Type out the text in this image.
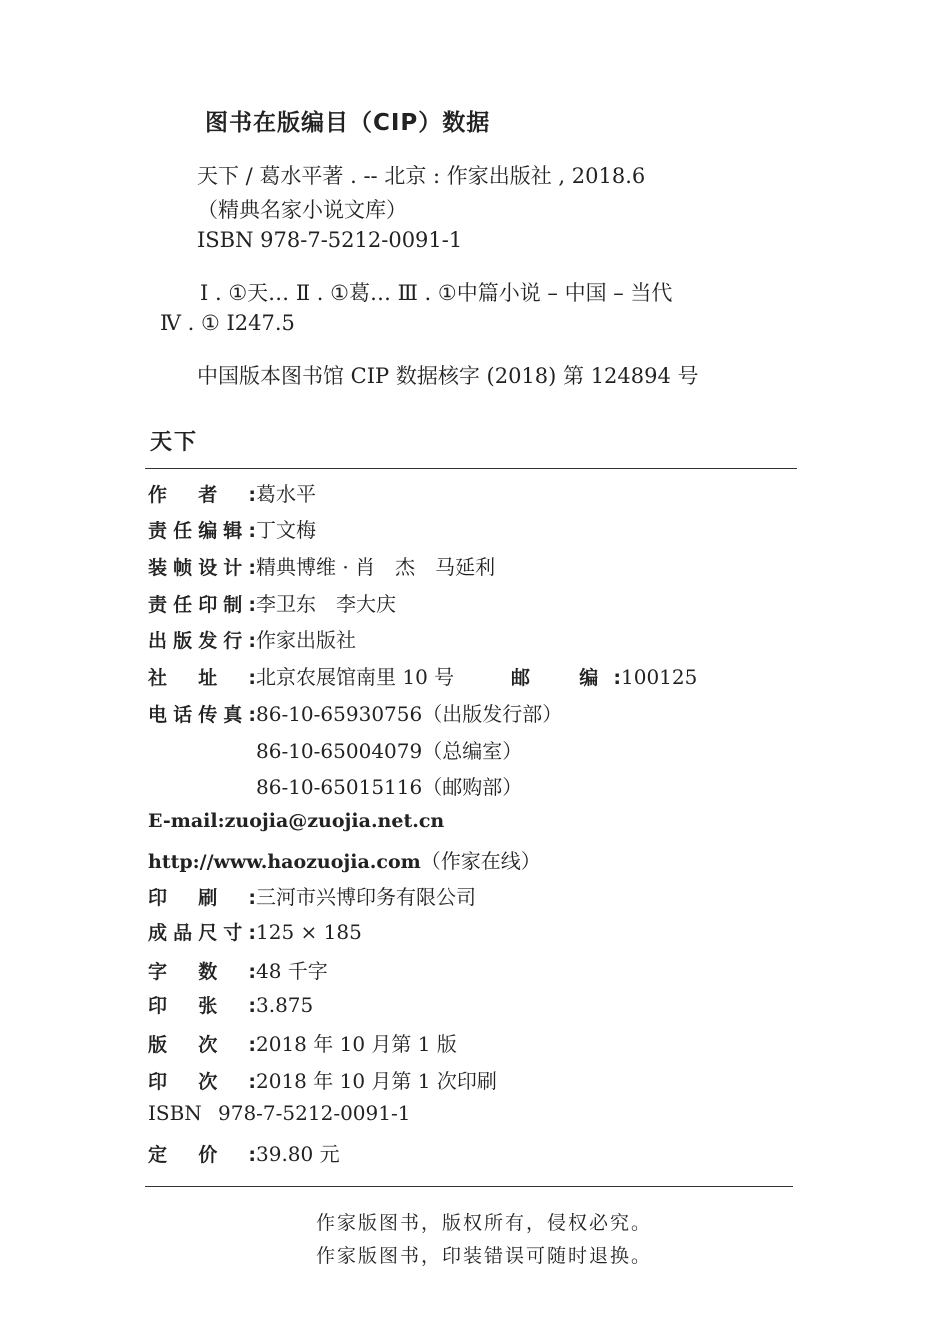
图书在版编目（CIP）数据
天下 / 葛水平著 . -- 北京 : 作家出版社 , 2018.6
（精典名家小说文库）
ISBN 978-7-5212-0091-1
Ⅰ . ①天… Ⅱ . ①葛… Ⅲ . ①中篇小说 – 中国 – 当代
Ⅳ . ① I247.5
中国版本图书馆 CIP 数据核字 (2018) 第 124894 号
天下
作者:葛水平
责任编辑:丁文梅
装帧设计:精典博维 · 肖　杰　马延利
责任印制:李卫东　李大庆
出版发行:作家出版社
社址:北京农展馆南里 10 号	邮　编:100125
电话传真:86-10-65930756（出版发行部）
86-10-65004079（总编室）
86-10-65015116（邮购部）
E-mail:zuojia@zuojia.net.cn
http://www.haozuojia.com（作家在线）
印刷:三河市兴博印务有限公司
成品尺寸:125 × 185
字数:48 千字
印张:3.875
版次:2018 年 10 月第 1 版
印次:2018 年 10 月第 1 次印刷
ISBN 978-7-5212-0091-1
定价:39.80 元
作家版图书，版权所有，侵权必究。
作家版图书，印装错误可随时退换。
